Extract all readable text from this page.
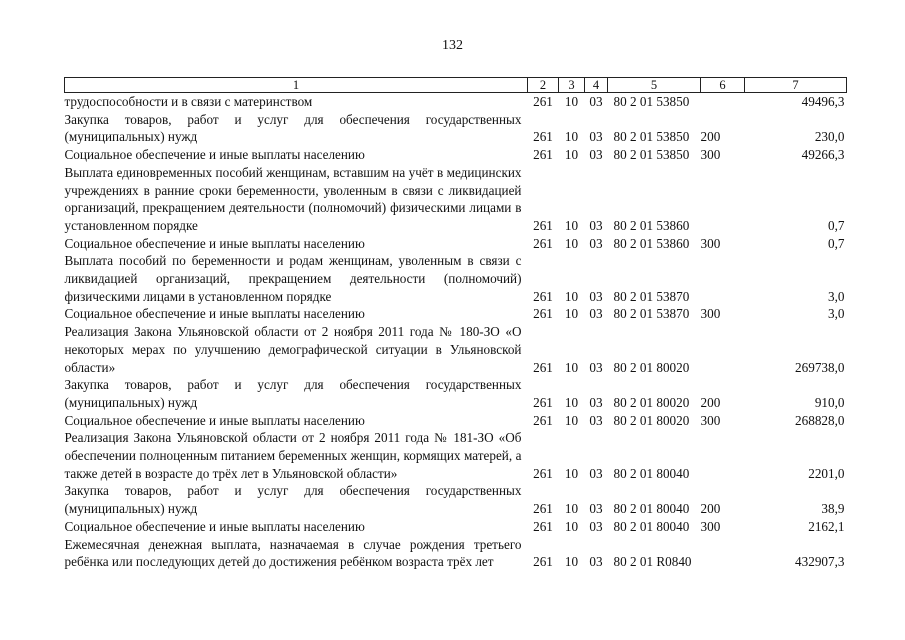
132
1	2	3	4	5	6	7
трудоспособности и в связи с материнством	261	10	03	80 2 01 53850		49496,3
Закупка товаров, работ и услуг для обеспечения государственных (муниципальных) нужд	261	10	03	80 2 01 53850	200	230,0
Социальное обеспечение и иные выплаты населению	261	10	03	80 2 01 53850	300	49266,3
Выплата единовременных пособий женщинам, вставшим на учёт в медицинских учреждениях в ранние сроки беременности, уволенным в связи с ликвидацией организаций, прекращением деятельности (полномочий) физическими лицами в установленном порядке	261	10	03	80 2 01 53860		0,7
Социальное обеспечение и иные выплаты населению	261	10	03	80 2 01 53860	300	0,7
Выплата пособий по беременности и родам женщинам, уволенным в связи с ликвидацией организаций, прекращением деятельности (полномочий) физическими лицами в установленном порядке	261	10	03	80 2 01 53870		3,0
Социальное обеспечение и иные выплаты населению	261	10	03	80 2 01 53870	300	3,0
Реализация Закона Ульяновской области от 2 ноября 2011 года № 180-ЗО «О некоторых мерах по улучшению демографической ситуации в Ульяновской области»	261	10	03	80 2 01 80020		269738,0
Закупка товаров, работ и услуг для обеспечения государственных (муниципальных) нужд	261	10	03	80 2 01 80020	200	910,0
Социальное обеспечение и иные выплаты населению	261	10	03	80 2 01 80020	300	268828,0
Реализация Закона Ульяновской области от 2 ноября 2011 года № 181-ЗО «Об обеспечении полноценным питанием беременных женщин, кормящих матерей, а также детей в возрасте до трёх лет в Ульяновской области»	261	10	03	80 2 01 80040		2201,0
Закупка товаров, работ и услуг для обеспечения государственных (муниципальных) нужд	261	10	03	80 2 01 80040	200	38,9
Социальное обеспечение и иные выплаты населению	261	10	03	80 2 01 80040	300	2162,1
Ежемесячная денежная выплата, назначаемая в случае рождения третьего ребёнка или последующих детей до достижения ребёнком возраста трёх лет	261	10	03	80 2 01 R0840		432907,3
